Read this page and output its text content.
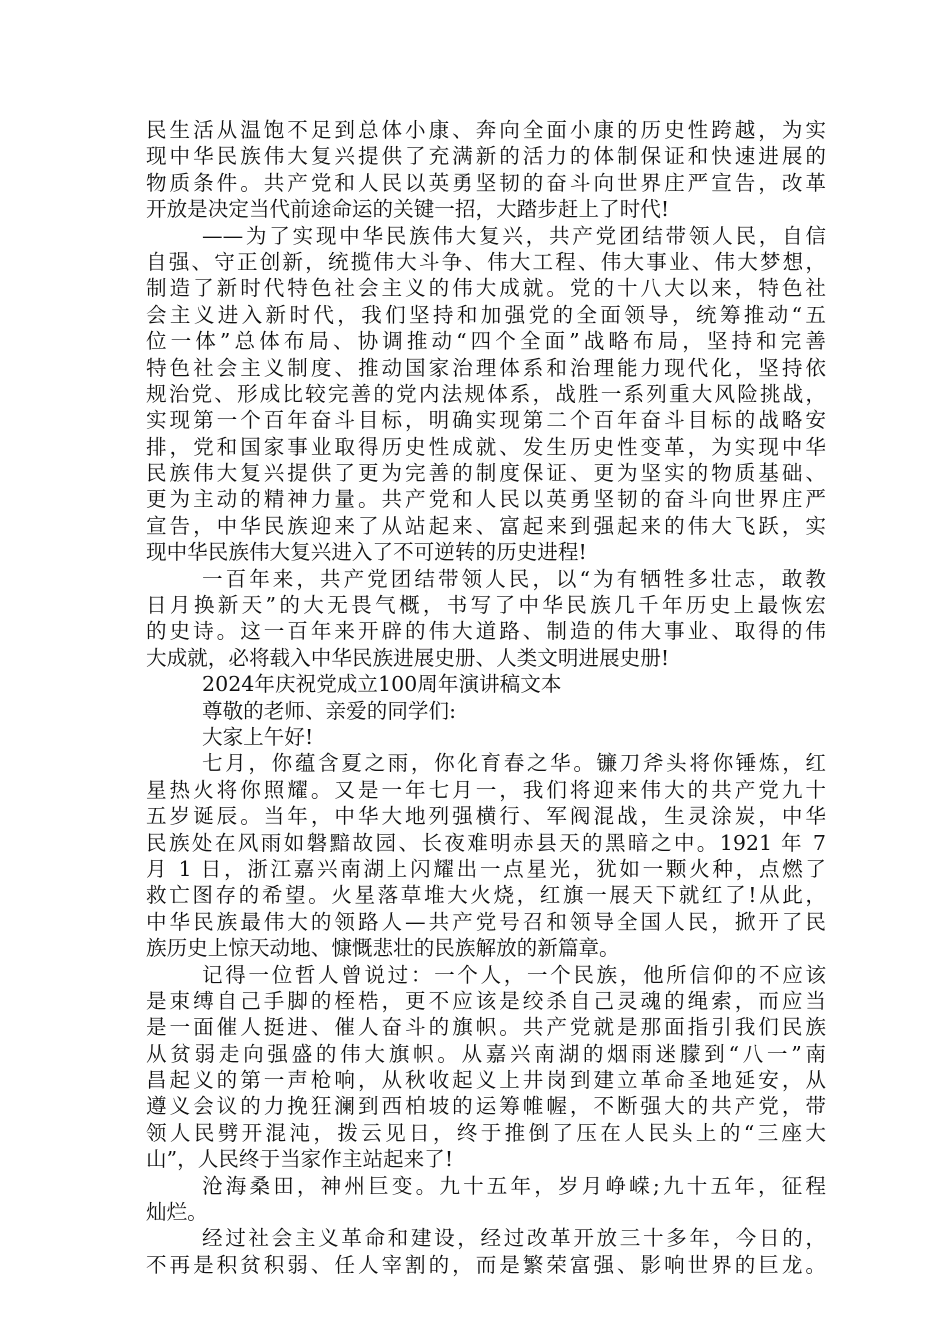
民生活从温饱不足到总体小康、奔向全面小康的历史性跨越，为实
现中华民族伟大复兴提供了充满新的活力的体制保证和快速进展的
物质条件。共产党和人民以英勇坚韧的奋斗向世界庄严宣告，改革
开放是决定当代前途命运的关键一招，大踏步赶上了时代!
——为了实现中华民族伟大复兴，共产党团结带领人民，自信
自强、守正创新，统揽伟大斗争、伟大工程、伟大事业、伟大梦想，
制造了新时代特色社会主义的伟大成就。党的十八大以来，特色社
会主义进入新时代，我们坚持和加强党的全面领导，统筹推动“五
位一体”总体布局、协调推动“四个全面”战略布局，坚持和完善
特色社会主义制度、推动国家治理体系和治理能力现代化，坚持依
规治党、形成比较完善的党内法规体系，战胜一系列重大风险挑战，
实现第一个百年奋斗目标，明确实现第二个百年奋斗目标的战略安
排，党和国家事业取得历史性成就、发生历史性变革，为实现中华
民族伟大复兴提供了更为完善的制度保证、更为坚实的物质基础、
更为主动的精神力量。共产党和人民以英勇坚韧的奋斗向世界庄严
宣告，中华民族迎来了从站起来、富起来到强起来的伟大飞跃，实
现中华民族伟大复兴进入了不可逆转的历史进程!
一百年来，共产党团结带领人民，以“为有牺牲多壮志，敢教
日月换新天”的大无畏气概，书写了中华民族几千年历史上最恢宏
的史诗。这一百年来开辟的伟大道路、制造的伟大事业、取得的伟
大成就，必将载入中华民族进展史册、人类文明进展史册!
2024年庆祝党成立100周年演讲稿文本
尊敬的老师、亲爱的同学们:
大家上午好!
七月，你蕴含夏之雨，你化育春之华。镰刀斧头将你锤炼，红
星热火将你照耀。又是一年七月一，我们将迎来伟大的共产党九十
五岁诞辰。当年，中华大地列强横行、军阀混战，生灵涂炭，中华
民族处在风雨如磐黯故园、长夜难明赤县天的黑暗之中。1921 年 7
月 1 日，浙江嘉兴南湖上闪耀出一点星光，犹如一颗火种，点燃了
救亡图存的希望。火星落草堆大火烧，红旗一展天下就红了!从此，
中华民族最伟大的领路人—共产党号召和领导全国人民，掀开了民
族历史上惊天动地、慷慨悲壮的民族解放的新篇章。
记得一位哲人曾说过：一个人，一个民族，他所信仰的不应该
是束缚自己手脚的桎梏，更不应该是绞杀自己灵魂的绳索，而应当
是一面催人挺进、催人奋斗的旗帜。共产党就是那面指引我们民族
从贫弱走向强盛的伟大旗帜。从嘉兴南湖的烟雨迷朦到“八一”南
昌起义的第一声枪响，从秋收起义上井岗到建立革命圣地延安，从
遵义会议的力挽狂澜到西柏坡的运筹帷幄，不断强大的共产党，带
领人民劈开混沌，拨云见日，终于推倒了压在人民头上的“三座大
山”，人民终于当家作主站起来了!
沧海桑田，神州巨变。九十五年，岁月峥嵘;九十五年，征程
灿烂。
经过社会主义革命和建设，经过改革开放三十多年，今日的，
不再是积贫积弱、任人宰割的，而是繁荣富强、影响世界的巨龙。
